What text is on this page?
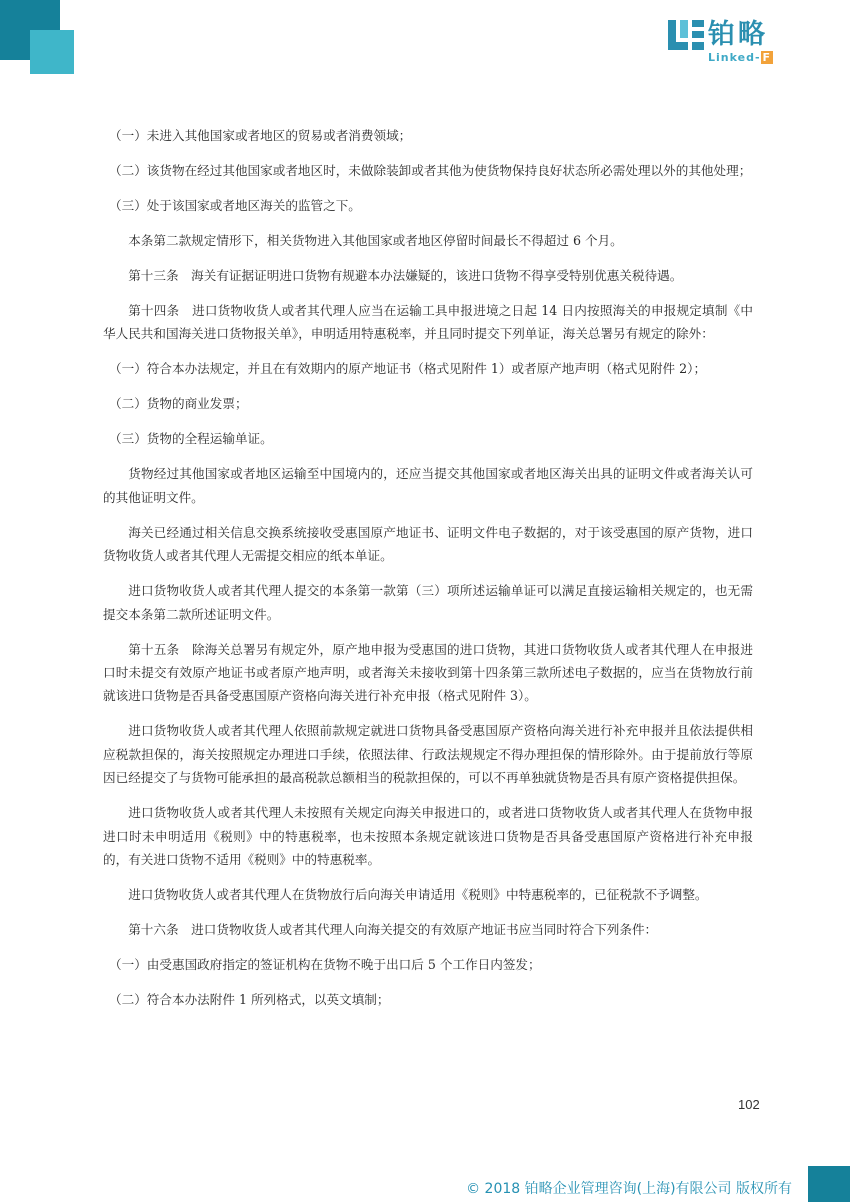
铂略
Linked- F

（一）未进入其他国家或者地区的贸易或者消费领域；

（二）该货物在经过其他国家或者地区时，未做除装卸或者其他为使货物保持良好状态所必需处理以外的其他处理；

（三）处于该国家或者地区海关的监管之下。

本条第二款规定情形下，相关货物进入其他国家或者地区停留时间最长不得超过 6 个月。

第十三条　海关有证据证明进口货物有规避本办法嫌疑的，该进口货物不得享受特别优惠关税待遇。

第十四条　进口货物收货人或者其代理人应当在运输工具申报进境之日起 14 日内按照海关的申报规定填制《中华人民共和国海关进口货物报关单》，申明适用特惠税率，并且同时提交下列单证，海关总署另有规定的除外：

（一）符合本办法规定，并且在有效期内的原产地证书（格式见附件 1）或者原产地声明（格式见附件 2）；

（二）货物的商业发票；

（三）货物的全程运输单证。

货物经过其他国家或者地区运输至中国境内的，还应当提交其他国家或者地区海关出具的证明文件或者海关认可的其他证明文件。

海关已经通过相关信息交换系统接收受惠国原产地证书、证明文件电子数据的，对于该受惠国的原产货物，进口货物收货人或者其代理人无需提交相应的纸本单证。

进口货物收货人或者其代理人提交的本条第一款第（三）项所述运输单证可以满足直接运输相关规定的，也无需提交本条第二款所述证明文件。

第十五条　除海关总署另有规定外，原产地申报为受惠国的进口货物，其进口货物收货人或者其代理人在申报进口时未提交有效原产地证书或者原产地声明，或者海关未接收到第十四条第三款所述电子数据的，应当在货物放行前就该进口货物是否具备受惠国原产资格向海关进行补充申报（格式见附件 3）。

进口货物收货人或者其代理人依照前款规定就进口货物具备受惠国原产资格向海关进行补充申报并且依法提供相应税款担保的，海关按照规定办理进口手续，依照法律、行政法规规定不得办理担保的情形除外。由于提前放行等原因已经提交了与货物可能承担的最高税款总额相当的税款担保的，可以不再单独就货物是否具有原产资格提供担保。

进口货物收货人或者其代理人未按照有关规定向海关申报进口的，或者进口货物收货人或者其代理人在货物申报进口时未申明适用《税则》中的特惠税率，也未按照本条规定就该进口货物是否具备受惠国原产资格进行补充申报的，有关进口货物不适用《税则》中的特惠税率。

进口货物收货人或者其代理人在货物放行后向海关申请适用《税则》中特惠税率的，已征税款不予调整。

第十六条　进口货物收货人或者其代理人向海关提交的有效原产地证书应当同时符合下列条件：

（一）由受惠国政府指定的签证机构在货物不晚于出口后 5 个工作日内签发；

（二）符合本办法附件 1 所列格式，以英文填制；

102
© 2018 铂略企业管理咨询(上海)有限公司 版权所有
